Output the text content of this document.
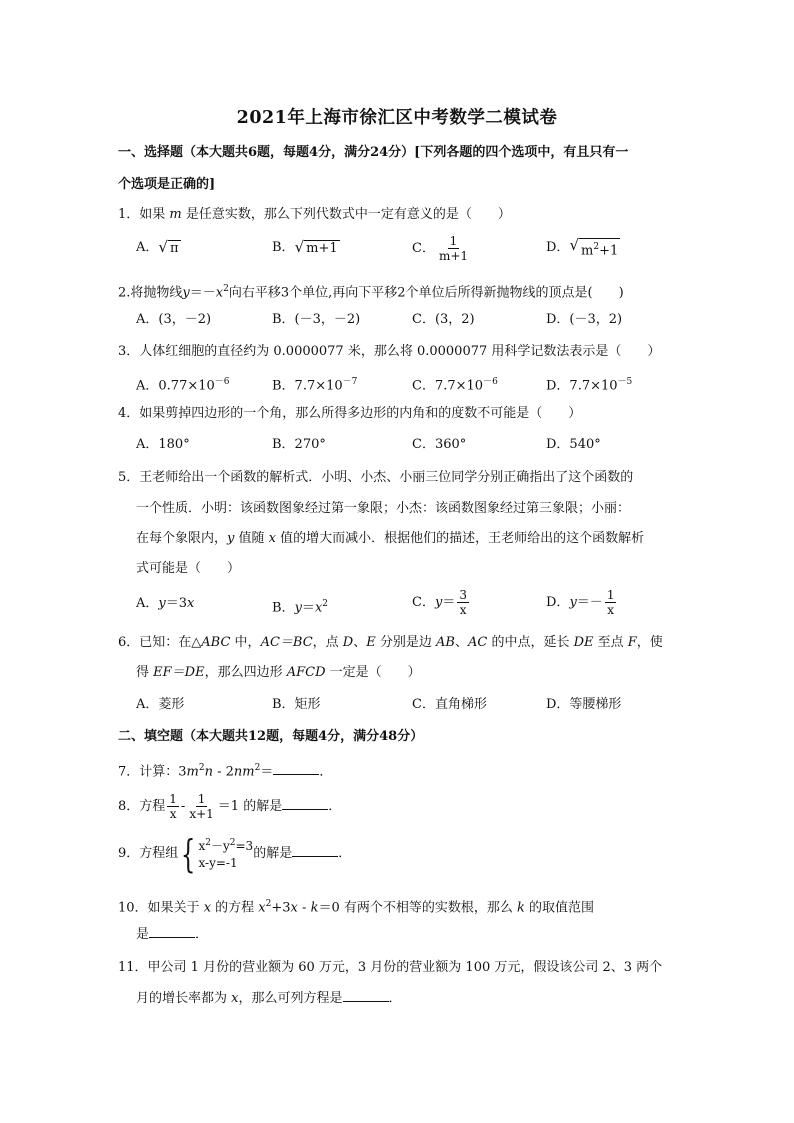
2021年上海市徐汇区中考数学二模试卷
一、选择题（本大题共6题，每题4分，满分24分）[下列各题的四个选项中，有且只有一
个选项是正确的]
1．如果 m 是任意实数，那么下列代数式中一定有意义的是（　　）
A． √ π	B． √ m+1	C． $\frac{1}{m+1}$	D． √ $m^2+1$
2.将抛物线$y=-x^2$向右平移3个单位,再向下平移2个单位后所得新抛物线的顶点是(　　)
A．(3，－2)	B．(－3，－2)	C．(3，2)	D．(－3，2)
3．人体红细胞的直径约为 0.0000077 米，那么将 0.0000077 用科学记数法表示是（　　）
A．$0.77\times 10^{-6}$	B．$7.7\times 10^{-7}$	C．$7.7\times 10^{-6}$	D．$7.7\times 10^{-5}$
4．如果剪掉四边形的一个角，那么所得多边形的内角和的度数不可能是（　　）
A．180°	B．270°	C．360°	D．540°
5．王老师给出一个函数的解析式．小明、小杰、小丽三位同学分别正确指出了这个函数的
一个性质．小明：该函数图象经过第一象限；小杰：该函数图象经过第三象限；小丽：
在每个象限内，y 值随 x 值的增大而减小．根据他们的描述，王老师给出的这个函数解析
式可能是（　　）
A．y＝3x	B．$y=x^2$	C．$y= \frac{3}{x}$	D．$y=- \frac{1}{x}$
6．已知：在△ABC 中，AC＝BC，点 D、E 分别是边 AB、AC 的中点，延长 DE 至点 F，使
得 EF＝DE，那么四边形 AFCD 一定是（　　）
A．菱形	B．矩形	C．直角梯形	D．等腰梯形
二、填空题（本大题共12题，每题4分，满分48分）
7．计算：$3m^2n - 2nm^2=$	．
8．方程 $\frac{1}{x} - \frac{1}{x+1} =1$ 的解是	．
9．方程组{ $x^2-y^2=3$
x-y=-1
的解是	．
10．如果关于 x 的方程 $x^2+3x - k=0$ 有两个不相等的实数根，那么 k 的取值范围
是	．
11．甲公司 1 月份的营业额为 60 万元，3 月份的营业额为 100 万元，假设该公司 2、3 两个
月的增长率都为 x，那么可列方程是	．
